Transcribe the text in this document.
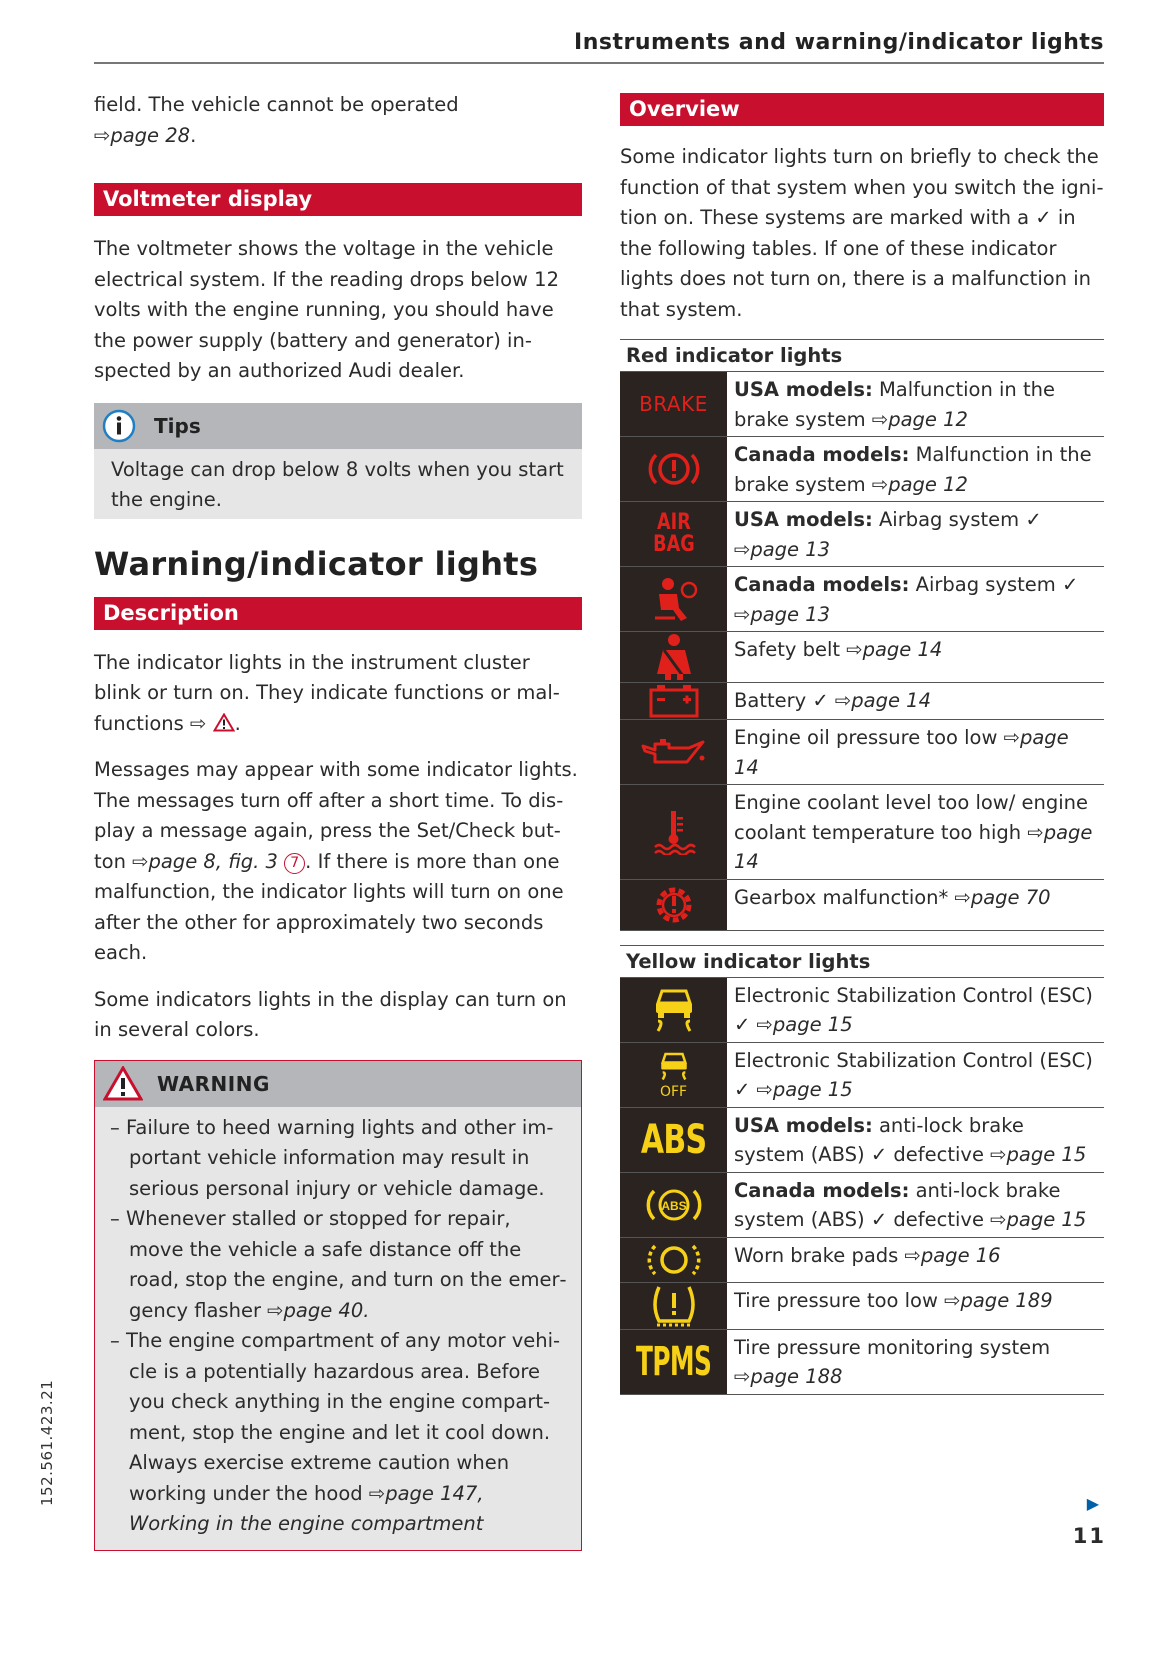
Instruments and warning/indicator lights

field. The vehicle cannot be operated
⇨page 28.

Voltmeter display

The voltmeter shows the voltage in the vehicle electrical system. If the reading drops below 12 volts with the engine running, you should have the power supply (battery and generator) inspected by an authorized Audi dealer.

Tips
Voltage can drop below 8 volts when you start the engine.
Warning/indicator lights
Description

The indicator lights in the instrument cluster blink or turn on. They indicate functions or malfunctions ⇨ .

Messages may appear with some indicator lights. The messages turn off after a short time. To display a message again, press the Set/Check button ⇨page 8, fig. 3 7 . If there is more than one malfunction, the indicator lights will turn on one after the other for approximately two seconds each.

Some indicators lights in the display can turn on in several colors.

WARNING
– Failure to heed warning lights and other important vehicle information may result in serious personal injury or vehicle damage.
– Whenever stalled or stopped for repair, move the vehicle a safe distance off the road, stop the engine, and turn on the emergency flasher ⇨page 40.
– The engine compartment of any motor vehicle is a potentially hazardous area. Before you check anything in the engine compartment, stop the engine and let it cool down. Always exercise extreme caution when working under the hood ⇨page 147, Working in the engine compartment
Overview

Some indicator lights turn on briefly to check the function of that system when you switch the ignition on. These systems are marked with a ✓ in the following tables. If one of these indicator lights does not turn on, there is a malfunction in that system.

Red indicator lights
BRAKE
USA models: Malfunction in the brake system ⇨page 12
Canada models: Malfunction in the brake system ⇨page 12
AIR
BAG
USA models: Airbag system ✓ ⇨page 13
Canada models: Airbag system ✓ ⇨page 13
Safety belt ⇨page 14
Battery ✓ ⇨page 14
Engine oil pressure too low ⇨page 14
Engine coolant level too low/ engine coolant temperature too high ⇨page 14
Gearbox malfunction* ⇨page 70
Yellow indicator lights
Electronic Stabilization Control (ESC) ✓ ⇨page 15
OFF
Electronic Stabilization Control (ESC) ✓ ⇨page 15
ABS	USA models: anti-lock brake system (ABS) ✓ defective ⇨page 15
ABS
Canada models: anti-lock brake system (ABS) ✓ defective ⇨page 15
Worn brake pads ⇨page 16
Tire pressure too low ⇨page 189
TPMS	Tire pressure monitoring system ⇨page 188
152.561.423.21
11
▶
